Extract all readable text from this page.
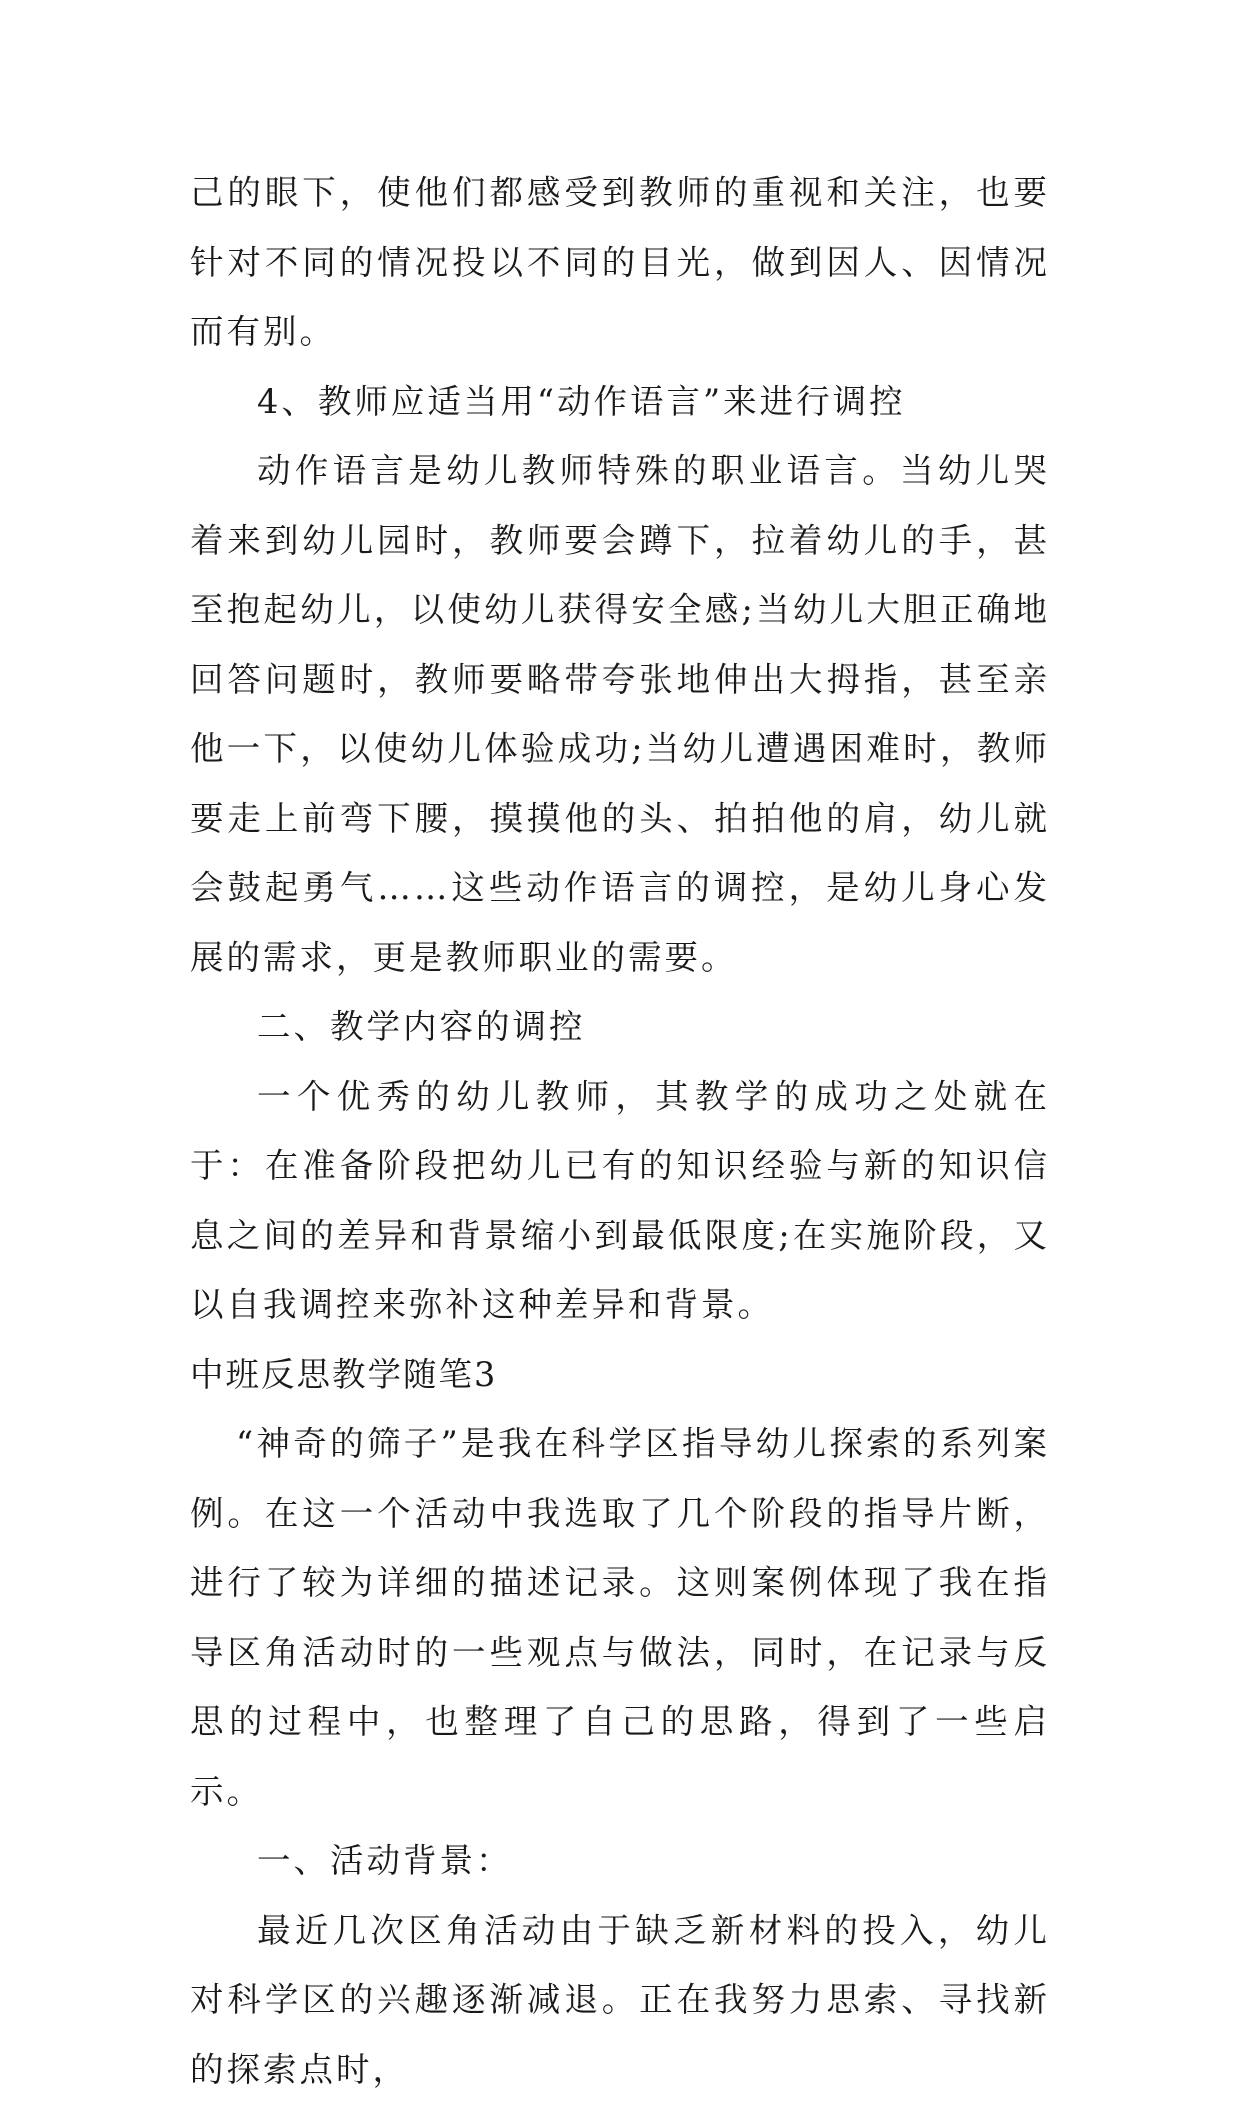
己的眼下，使他们都感受到教师的重视和关注，也要针对不同的情况投以不同的目光，做到因人、因情况而有别。

4、教师应适当用“动作语言”来进行调控

动作语言是幼儿教师特殊的职业语言。当幼儿哭着来到幼儿园时，教师要会蹲下，拉着幼儿的手，甚至抱起幼儿，以使幼儿获得安全感;当幼儿大胆正确地回答问题时，教师要略带夸张地伸出大拇指，甚至亲他一下，以使幼儿体验成功;当幼儿遭遇困难时，教师要走上前弯下腰，摸摸他的头、拍拍他的肩，幼儿就会鼓起勇气……这些动作语言的调控，是幼儿身心发展的需求，更是教师职业的需要。

二、教学内容的调控

一个优秀的幼儿教师，其教学的成功之处就在于：在准备阶段把幼儿已有的知识经验与新的知识信息之间的差异和背景缩小到最低限度;在实施阶段，又以自我调控来弥补这种差异和背景。

中班反思教学随笔3

“神奇的筛子”是我在科学区指导幼儿探索的系列案例。在这一个活动中我选取了几个阶段的指导片断，进行了较为详细的描述记录。这则案例体现了我在指导区角活动时的一些观点与做法，同时，在记录与反思的过程中，也整理了自己的思路，得到了一些启示。

一、活动背景：

最近几次区角活动由于缺乏新材料的投入，幼儿对科学区的兴趣逐渐减退。正在我努力思索、寻找新的探索点时，
